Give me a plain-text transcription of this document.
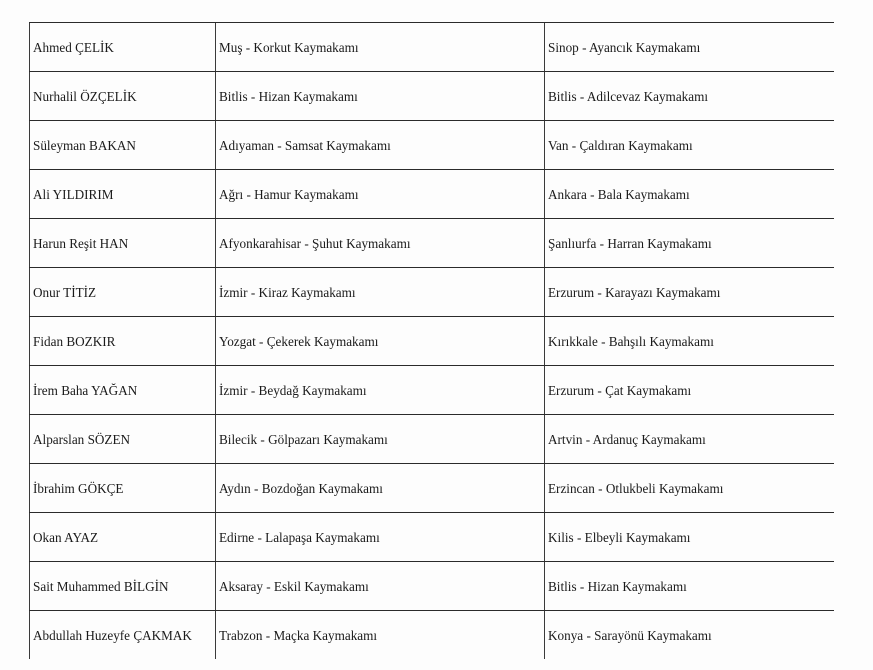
Ahmed ÇELİK	Muş - Korkut Kaymakamı	Sinop - Ayancık Kaymakamı
Nurhalil ÖZÇELİK	Bitlis - Hizan Kaymakamı	Bitlis - Adilcevaz Kaymakamı
Süleyman BAKAN	Adıyaman - Samsat Kaymakamı	Van - Çaldıran Kaymakamı
Ali YILDIRIM	Ağrı - Hamur Kaymakamı	Ankara - Bala Kaymakamı
Harun Reşit HAN	Afyonkarahisar - Şuhut Kaymakamı	Şanlıurfa - Harran Kaymakamı
Onur TİTİZ	İzmir - Kiraz Kaymakamı	Erzurum - Karayazı Kaymakamı
Fidan BOZKIR	Yozgat - Çekerek Kaymakamı	Kırıkkale - Bahşılı Kaymakamı
İrem Baha YAĞAN	İzmir - Beydağ Kaymakamı	Erzurum - Çat Kaymakamı
Alparslan SÖZEN	Bilecik - Gölpazarı Kaymakamı	Artvin - Ardanuç Kaymakamı
İbrahim GÖKÇE	Aydın - Bozdoğan Kaymakamı	Erzincan - Otlukbeli Kaymakamı
Okan AYAZ	Edirne - Lalapaşa Kaymakamı	Kilis - Elbeyli Kaymakamı
Sait Muhammed BİLGİN	Aksaray - Eskil Kaymakamı	Bitlis - Hizan Kaymakamı
Abdullah Huzeyfe ÇAKMAK	Trabzon - Maçka Kaymakamı	Konya - Sarayönü Kaymakamı
